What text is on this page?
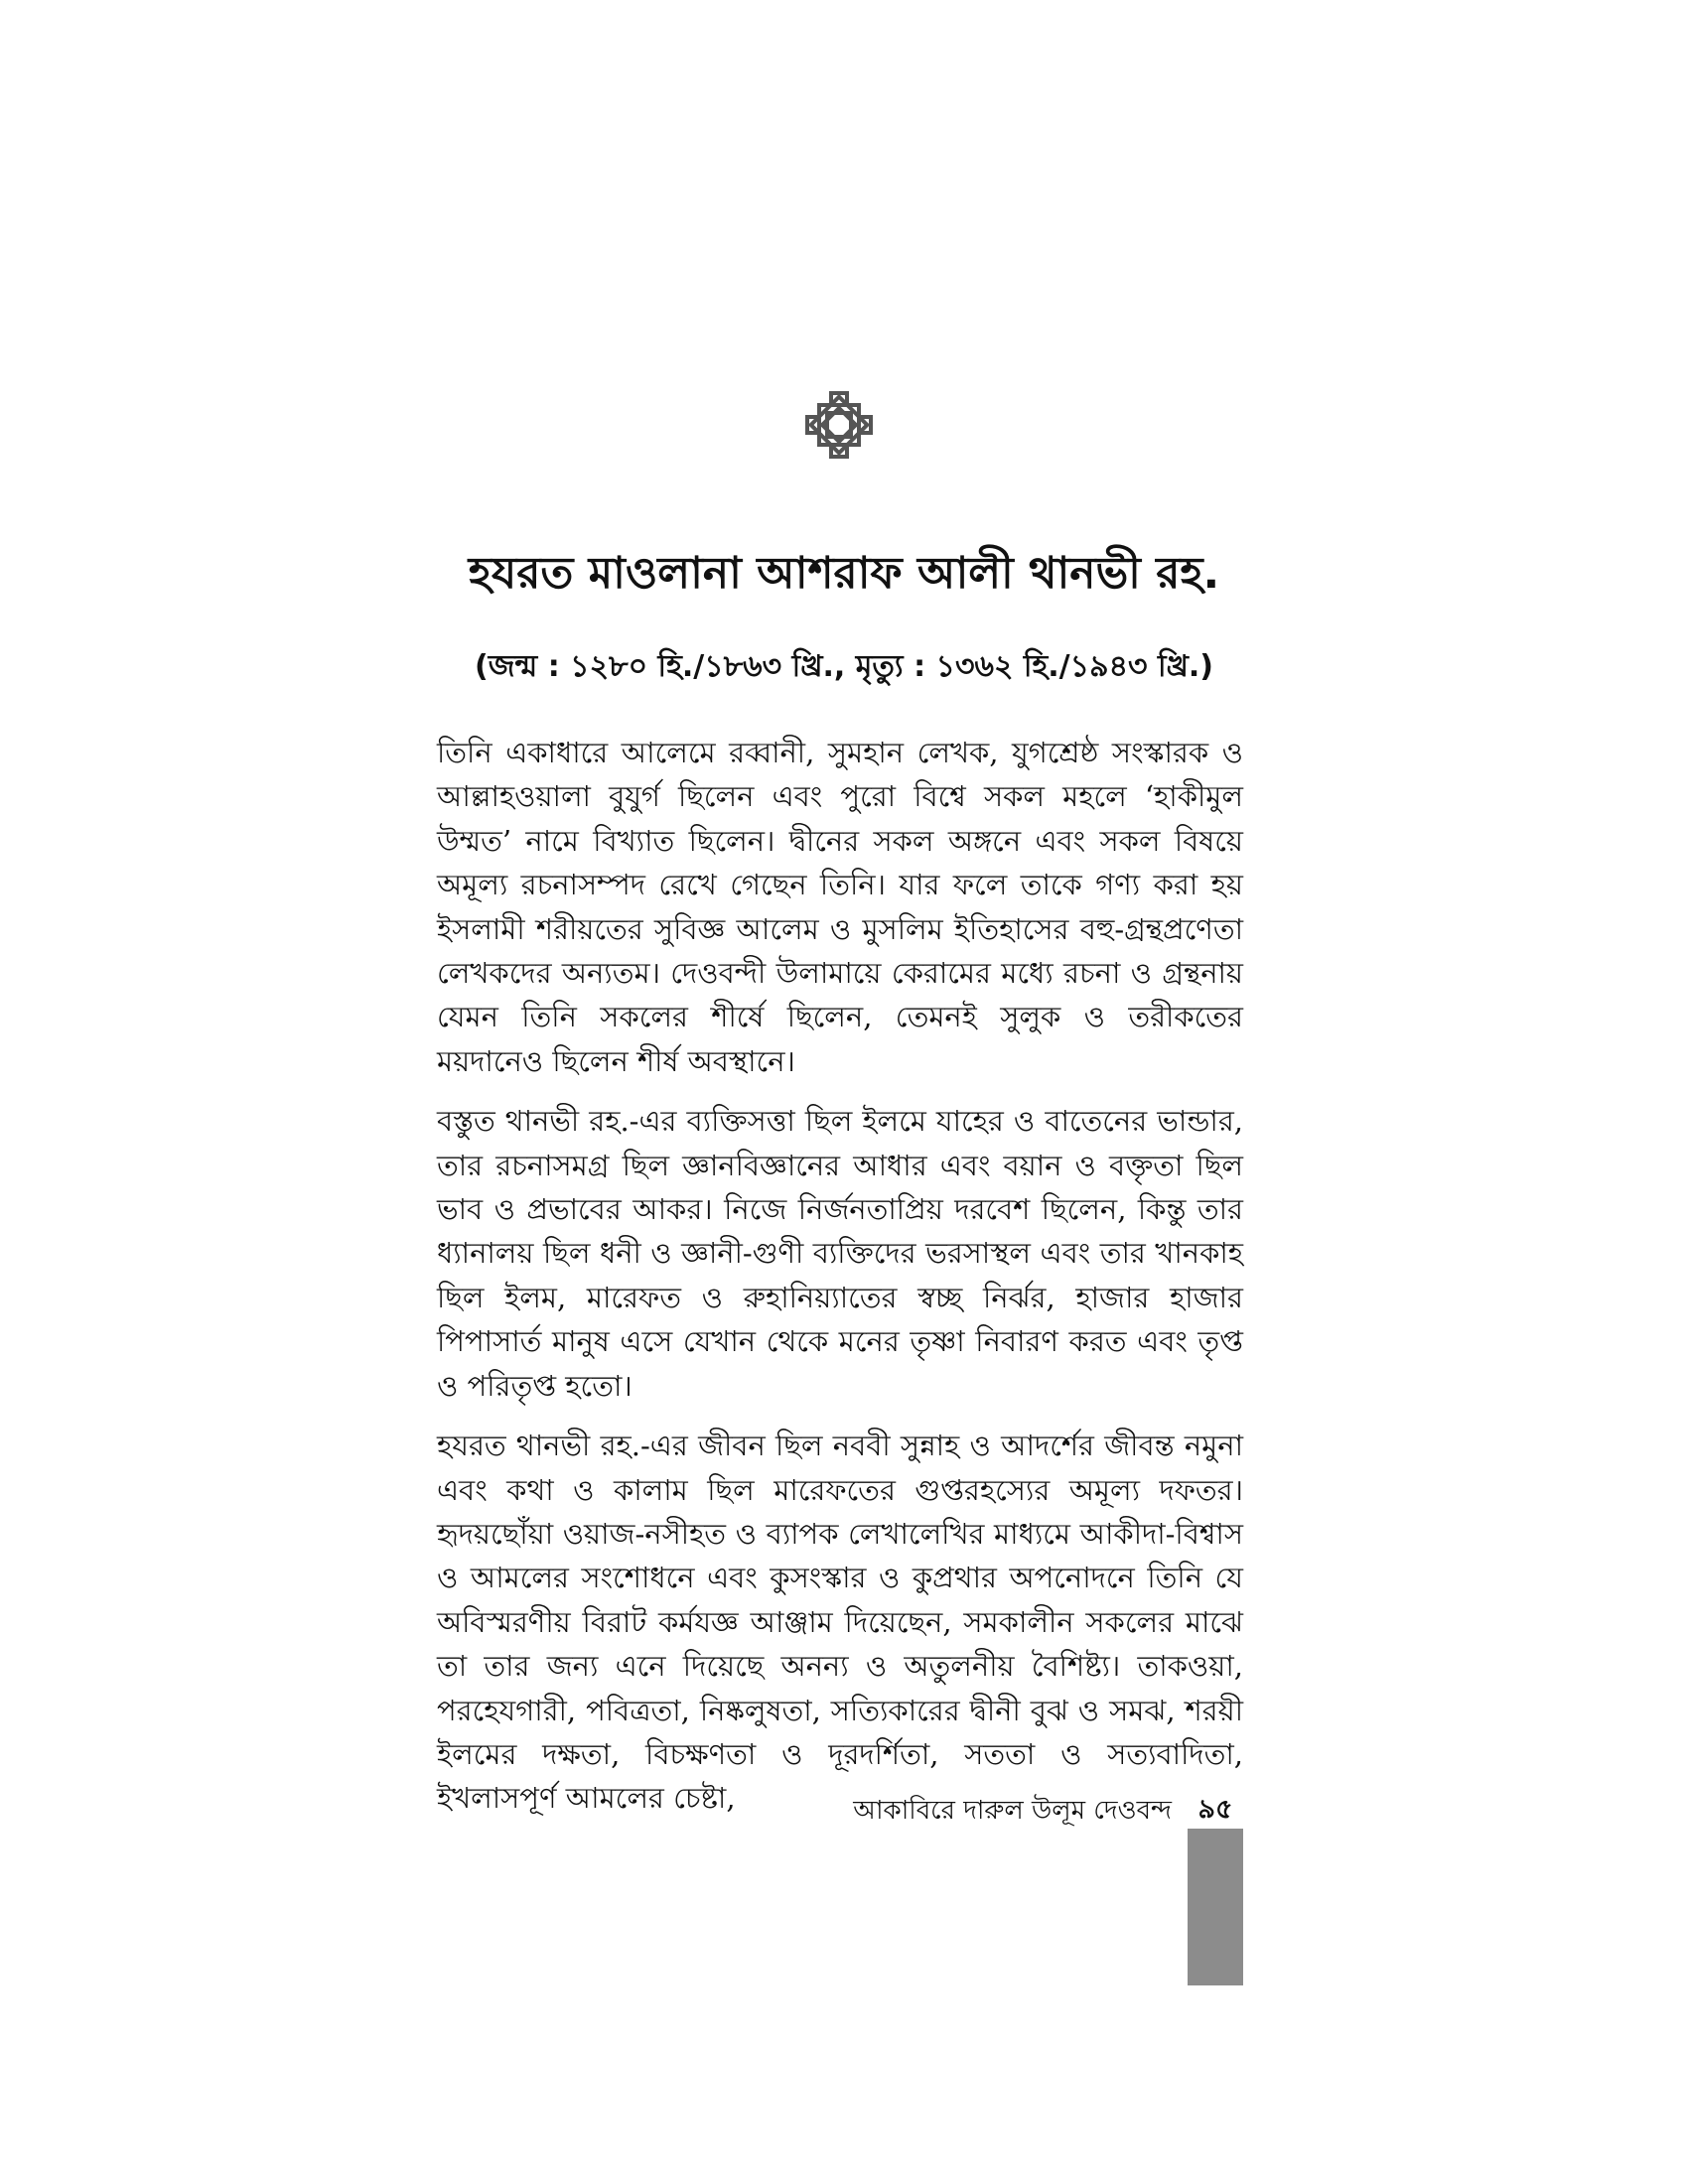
হযরত মাওলানা আশরাফ আলী থানভী রহ.

(জন্ম : ১২৮০ হি./১৮৬৩ খ্রি., মৃত্যু : ১৩৬২ হি./১৯৪৩ খ্রি.)

তিনি একাধারে আলেমে রব্বানী, সুমহান লেখক, যুগশ্রেষ্ঠ সংস্কারক ও আল্লাহওয়ালা বুযুর্গ ছিলেন এবং পুরো বিশ্বে সকল মহলে ‘হাকীমুল উম্মত’ নামে বিখ্যাত ছিলেন। দ্বীনের সকল অঙ্গনে এবং সকল বিষয়ে অমূল্য রচনাসম্পদ রেখে গেছেন তিনি। যার ফলে তাকে গণ্য করা হয় ইসলামী শরীয়তের সুবিজ্ঞ আলেম ও মুসলিম ইতিহাসের বহু-গ্রন্থপ্রণেতা লেখকদের অন্যতম। দেওবন্দী উলামায়ে কেরামের মধ্যে রচনা ও গ্রন্থনায় যেমন তিনি সকলের শীর্ষে ছিলেন, তেমনই সুলুক ও তরীকতের ময়দানেও ছিলেন শীর্ষ অবস্থানে।

বস্তুত থানভী রহ.-এর ব্যক্তিসত্তা ছিল ইলমে যাহের ও বাতেনের ভান্ডার, তার রচনাসমগ্র ছিল জ্ঞানবিজ্ঞানের আধার এবং বয়ান ও বক্তৃতা ছিল ভাব ও প্রভাবের আকর। নিজে নির্জনতাপ্রিয় দরবেশ ছিলেন, কিন্তু তার ধ্যানালয় ছিল ধনী ও জ্ঞানী-গুণী ব্যক্তিদের ভরসাস্থল এবং তার খানকাহ ছিল ইলম, মারেফত ও রুহানিয়্যাতের স্বচ্ছ নির্ঝর, হাজার হাজার পিপাসার্ত মানুষ এসে যেখান থেকে মনের তৃষ্ণা নিবারণ করত এবং তৃপ্ত ও পরিতৃপ্ত হতো।

হযরত থানভী রহ.-এর জীবন ছিল নববী সুন্নাহ ও আদর্শের জীবন্ত নমুনা এবং কথা ও কালাম ছিল মারেফতের গুপ্তরহস্যের অমূল্য দফতর। হৃদয়ছোঁয়া ওয়াজ-নসীহত ও ব্যাপক লেখালেখির মাধ্যমে আকীদা-বিশ্বাস ও আমলের সংশোধনে এবং কুসংস্কার ও কুপ্রথার অপনোদনে তিনি যে অবিস্মরণীয় বিরাট কর্মযজ্ঞ আঞ্জাম দিয়েছেন, সমকালীন সকলের মাঝে তা তার জন্য এনে দিয়েছে অনন্য ও অতুলনীয় বৈশিষ্ট্য। তাকওয়া, পরহেযগারী, পবিত্রতা, নিষ্কলুষতা, সত্যিকারের দ্বীনী বুঝ ও সমঝ, শরয়ী ইলমের দক্ষতা, বিচক্ষণতা ও দূরদর্শিতা, সততা ও সত্যবাদিতা, ইখলাসপূর্ণ আমলের চেষ্টা,	আকাবিরে দারুল উলূম দেওবন্দ ৯৫
